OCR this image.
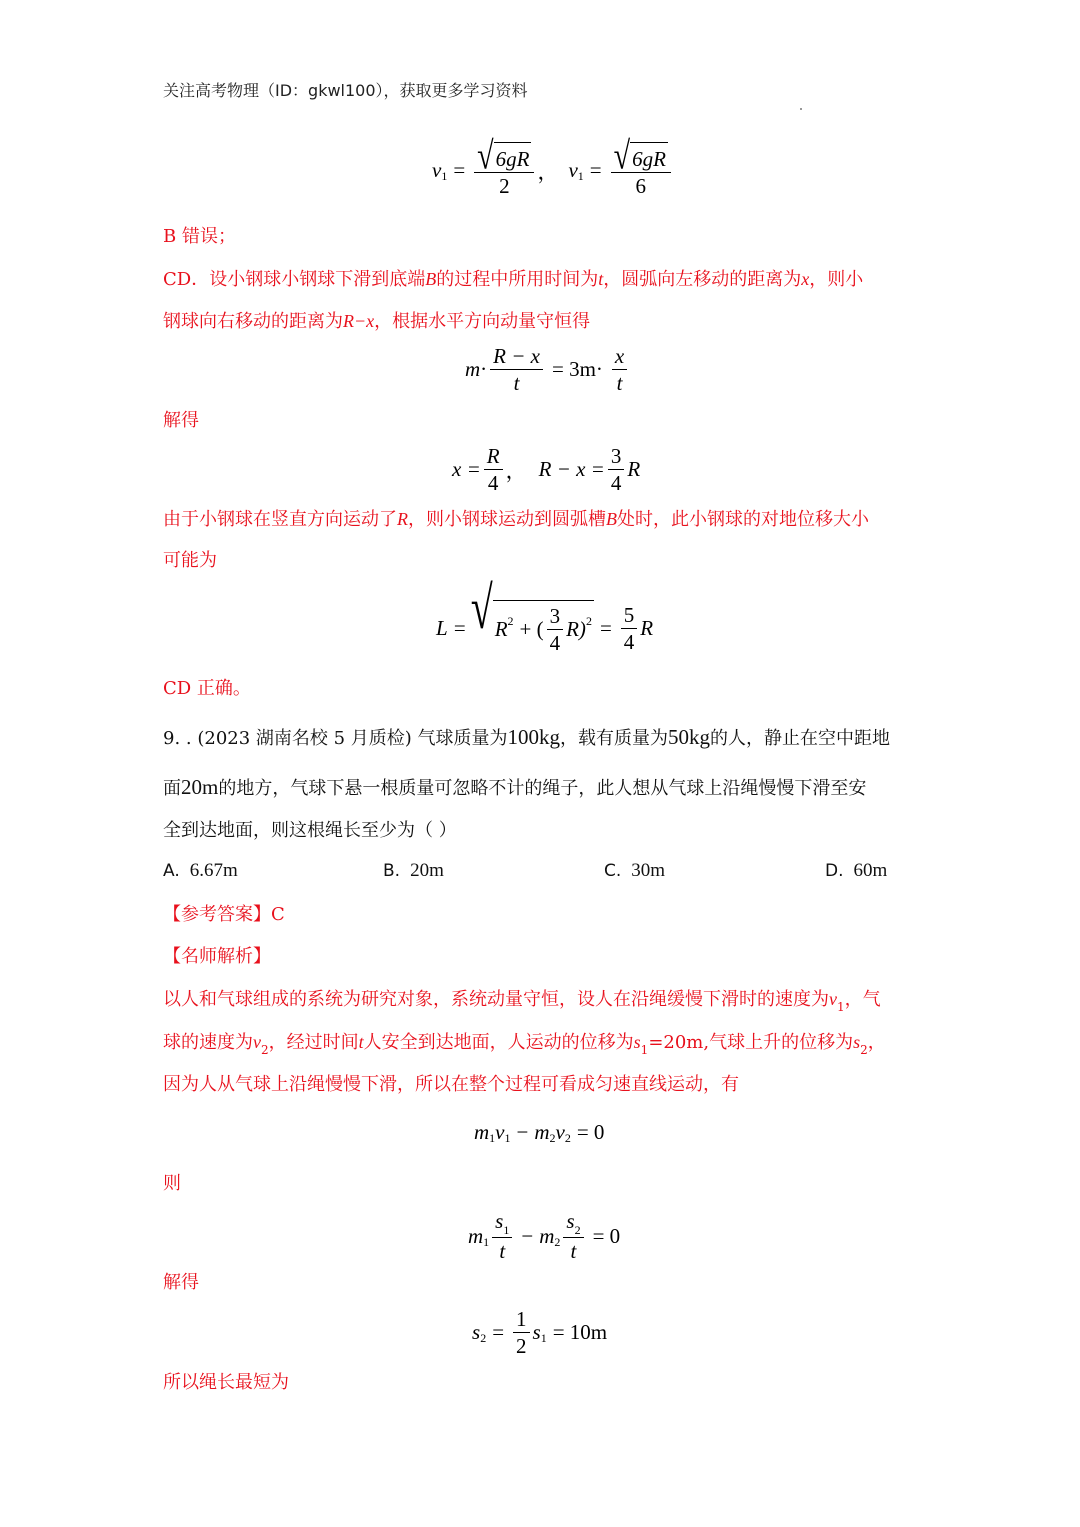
关注高考物理（ID：gkwl100），获取更多学习资料
v $1 = \frac{√ 6gR}{2}$ ， v $1 = \frac{√ 6gR}{6}$
B 错误；
CD．设小钢球小钢球下滑到底端B的过程中所用时间为t，圆弧向左移动的距离为x，则小
钢球向右移动的距离为R−x，根据水平方向动量守恒得
$m \cdot \frac{R - x}{t} = 3m\cdot \frac{x}{t}$
解得
$x = \frac{R}{4}$ ， $R - x = \frac{3}{4}$ R
由于小钢球在竖直方向运动了R，则小钢球运动到圆弧槽B处时，此小钢球的对地位移大小
可能为
L = √ R 2 + ( $\frac{3}{4} R$) $2 = \frac{5}{4}$ R
CD 正确。
9. . (2023 湖南名校 5 月质检) 气球质量为100kg，载有质量为50kg的人，静止在空中距地
面20m的地方，气球下悬一根质量可忽略不计的绳子，此人想从气球上沿绳慢慢下滑至安
全到达地面，则这根绳长至少为（ ）
A. 6.67m	B. 20m	C. 30m	D. 60m
【参考答案】C
【名师解析】
以人和气球组成的系统为研究对象，系统动量守恒，设人在沿绳缓慢下滑时的速度为$v_1$，气
球的速度为$v_2$，经过时间t人安全到达地面，人运动的位移为$s_1=20m$,气球上升的位移为$s_2$，
因为人从气球上沿绳慢慢下滑，所以在整个过程可看成匀速直线运动，有
m 1 v 1 − m 2 v 2 = 0
则
m $1 \frac{s_1}{t} - m$ $2 \frac{s_2}{t} = 0$
解得
s $2 = \frac{1}{2}$ s 1 = 10m
所以绳长最短为
